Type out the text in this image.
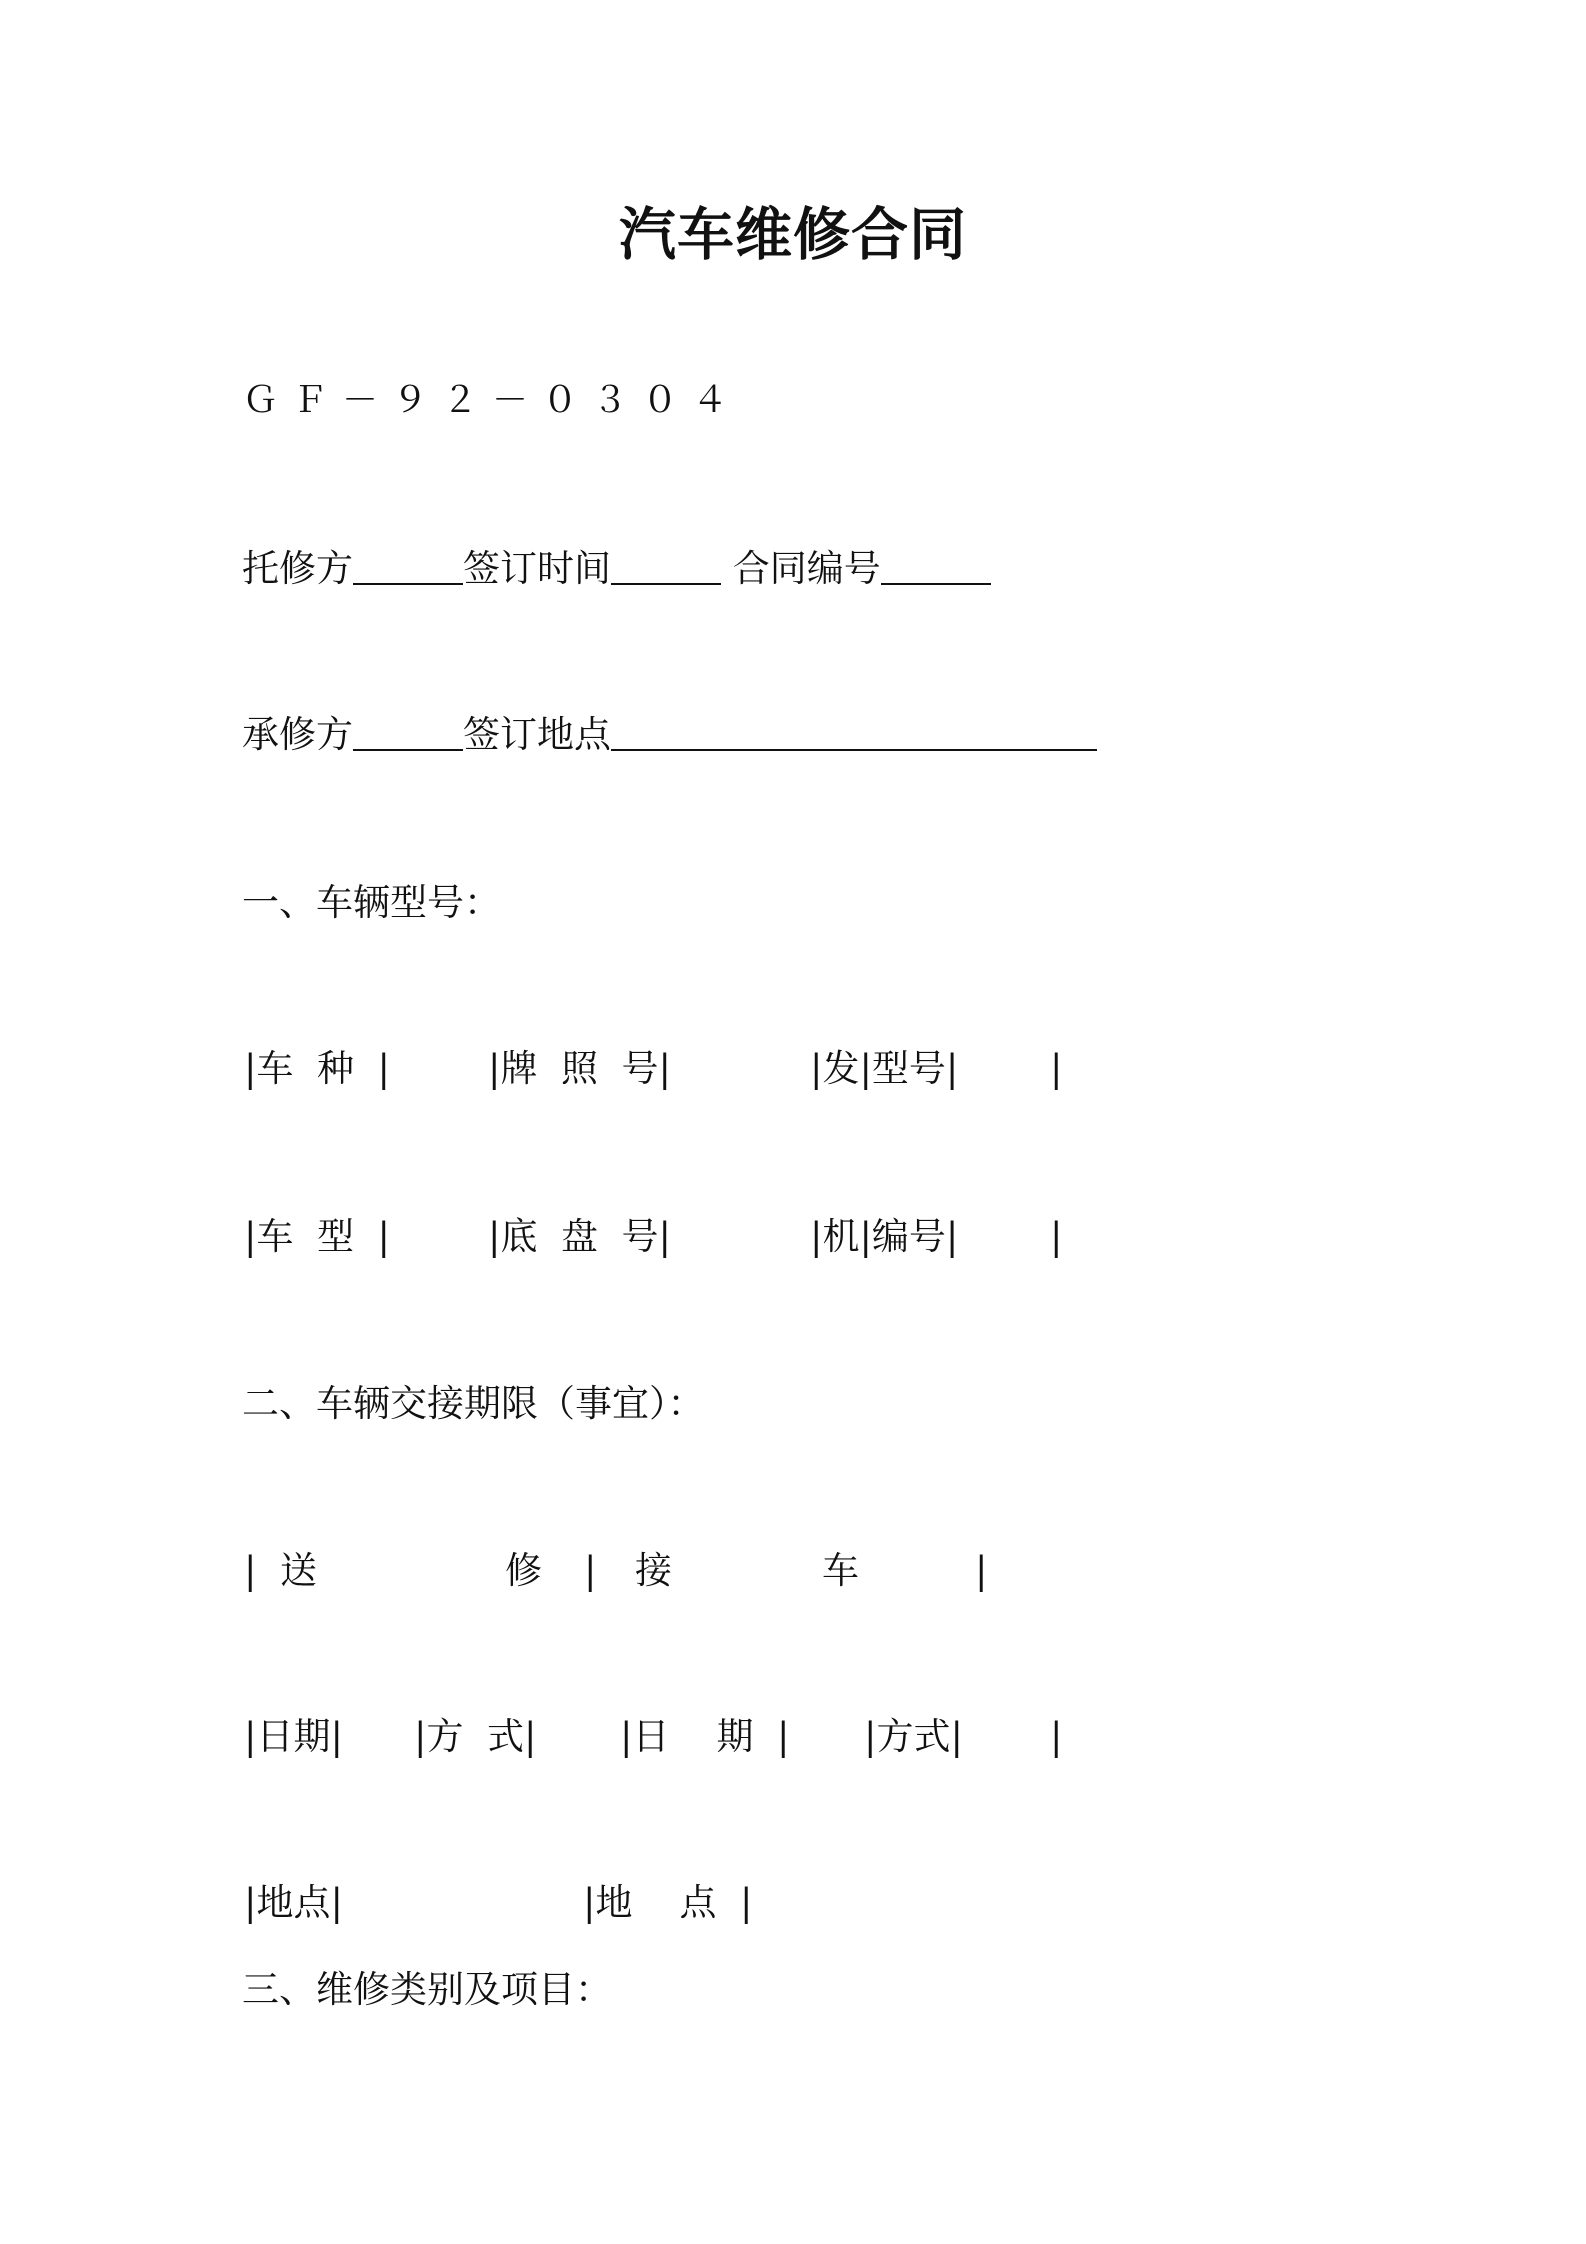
汽车维修合同
ＧＦ－９２－０３０４
托修方	签订时间	合同编号
承修方	签订地点
一、车辆型号：
|车  种  |	|牌  照  号|	|发|型号| |
|车  型  |	|底  盘  号|	|机|编号| |
二、车辆交接期限（事宜）：
|  送	修 | 接	车	|
|日期| |方  式| |日    期  | |方式| |
|地点|	|地    点  |
三、维修类别及项目：
